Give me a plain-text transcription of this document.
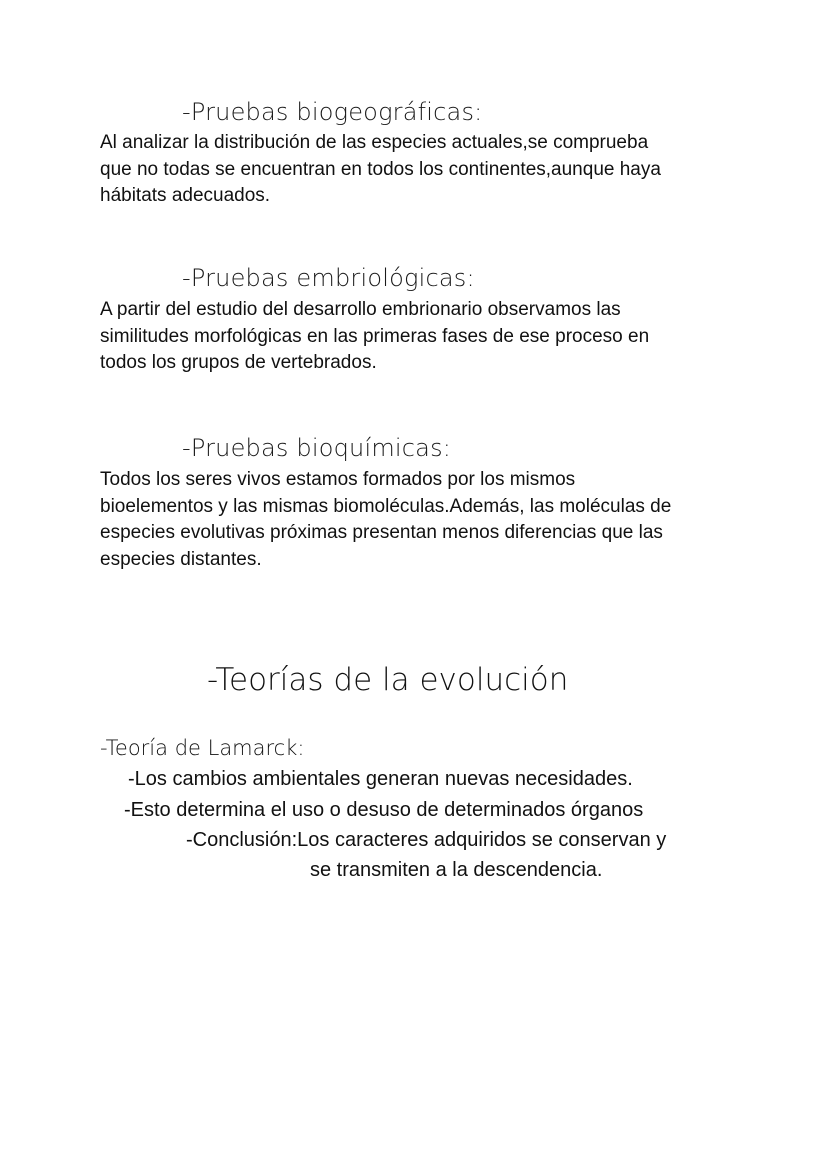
-Pruebas biogeográficas:
Al analizar la distribución de las especies actuales,se comprueba
que no todas se encuentran en todos los continentes,aunque haya
hábitats adecuados.
-Pruebas embriológicas:
A partir del estudio del desarrollo embrionario observamos las
similitudes morfológicas en las primeras fases de ese proceso en
todos los grupos de vertebrados.
-Pruebas bioquímicas:
Todos los seres vivos estamos formados por los mismos
bioelementos y las mismas biomoléculas.Además, las moléculas de
especies evolutivas próximas presentan menos diferencias que las
especies distantes.
-Teorías de la evolución
-Teoría de Lamarck:
-Los cambios ambientales generan nuevas necesidades.
-Esto determina el uso o desuso de determinados órganos
-Conclusión:Los caracteres adquiridos se conservan y
se transmiten a la descendencia.
